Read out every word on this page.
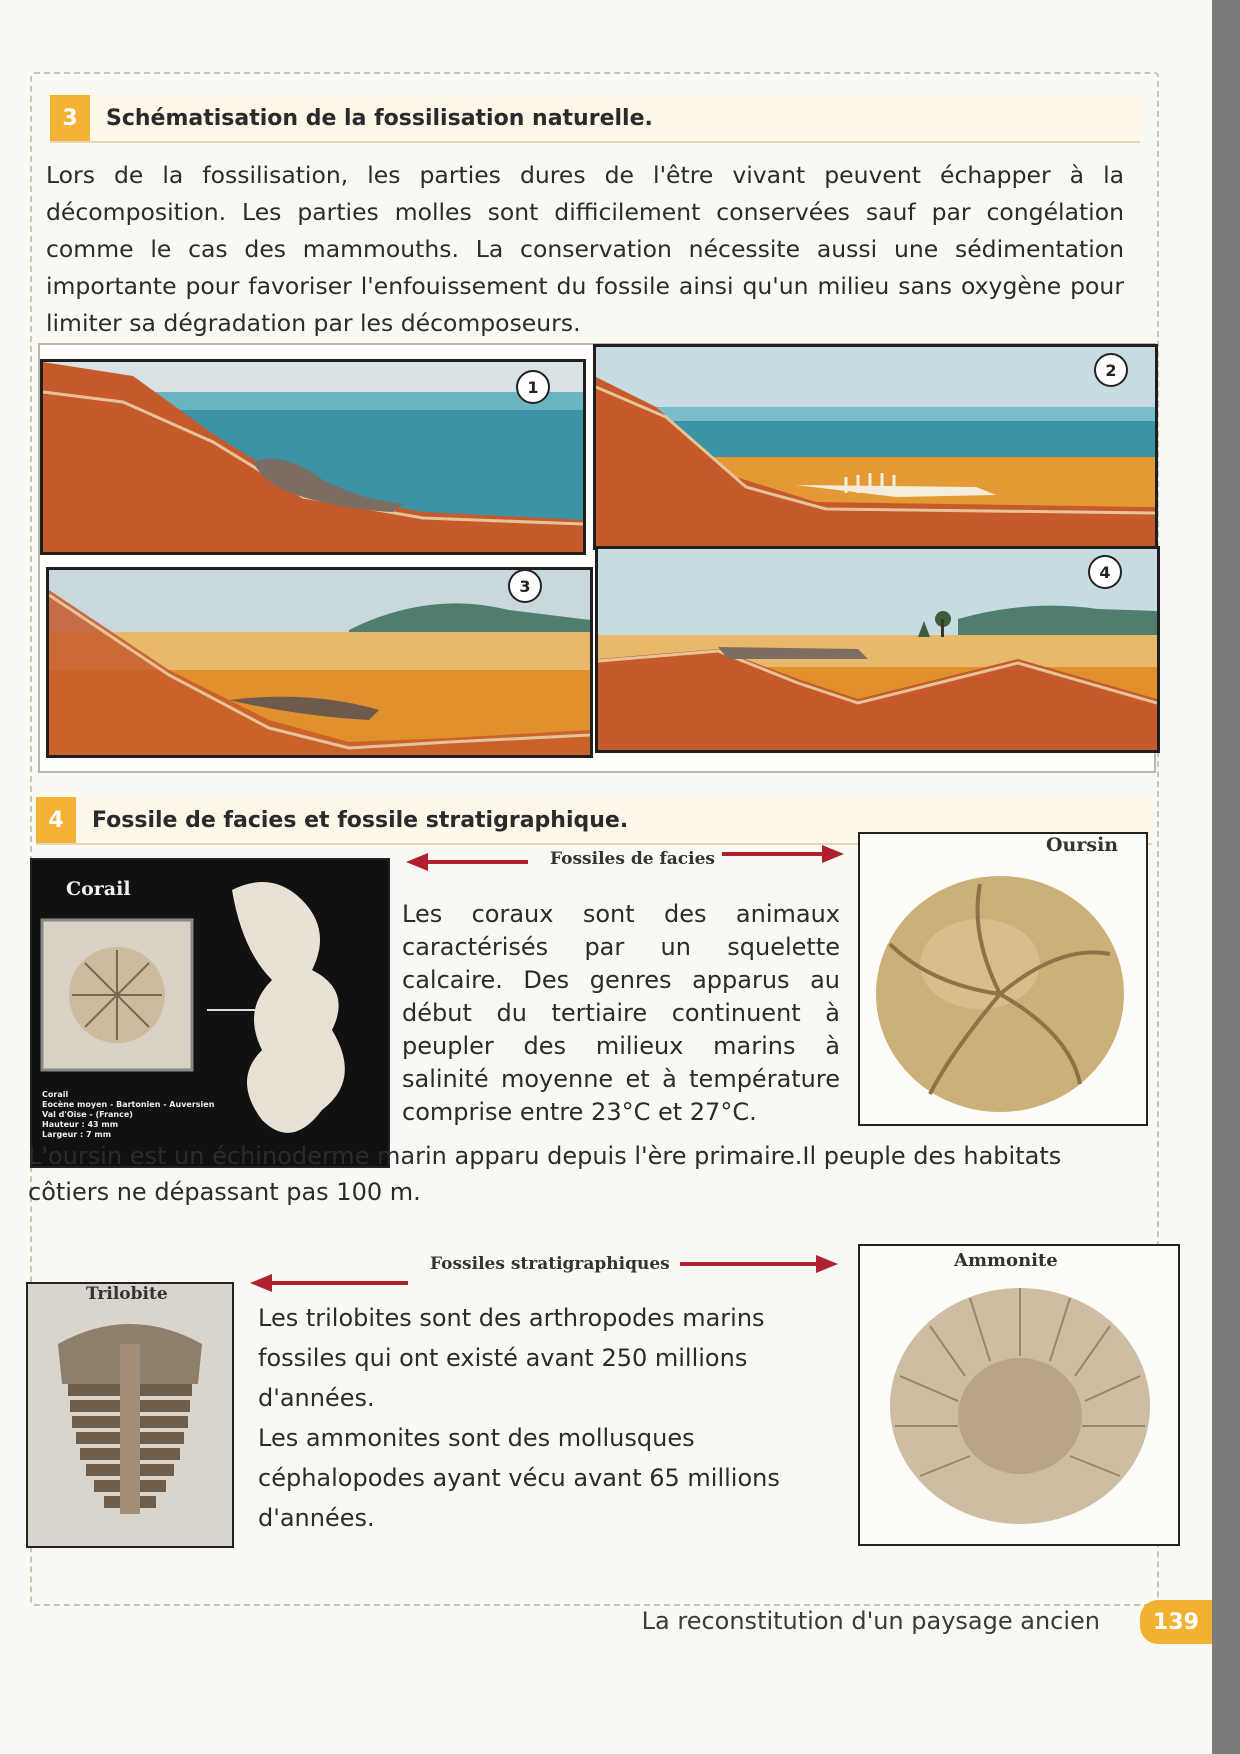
3	Schématisation de la fossilisation naturelle.
Lors de la fossilisation, les parties dures de l'être vivant peuvent échapper à la décomposition. Les parties molles sont difficilement conservées sauf par congélation comme le cas des mammouths. La conservation nécessite aussi une sédimentation importante pour favoriser l'enfouissement du fossile ainsi qu'un milieu sans oxygène pour limiter sa dégradation par les décomposeurs.
1
2
3
4
4	Fossile de facies et fossile stratigraphique.
Fossiles de facies
Corail
Corail
Eocène moyen - Bartonien - Auversien
Val d'Oise - (France)
Hauteur : 43 mm
Largeur : 7 mm
Les coraux sont des animaux caractérisés par un squelette calcaire. Des genres apparus au début du tertiaire continuent à peupler des milieux marins à salinité moyenne et à température comprise entre 23°C et 27°C.
Oursin
L'oursin est un échinoderme marin apparu depuis l'ère primaire.Il peuple des habitats côtiers ne dépassant pas 100 m.
Fossiles stratigraphiques
Trilobite
Les trilobites sont des arthropodes marins fossiles qui ont existé avant 250 millions d'années.
Les ammonites sont des mollusques céphalopodes ayant vécu avant 65 millions d'années.
Ammonite
La reconstitution d'un paysage ancien	139
